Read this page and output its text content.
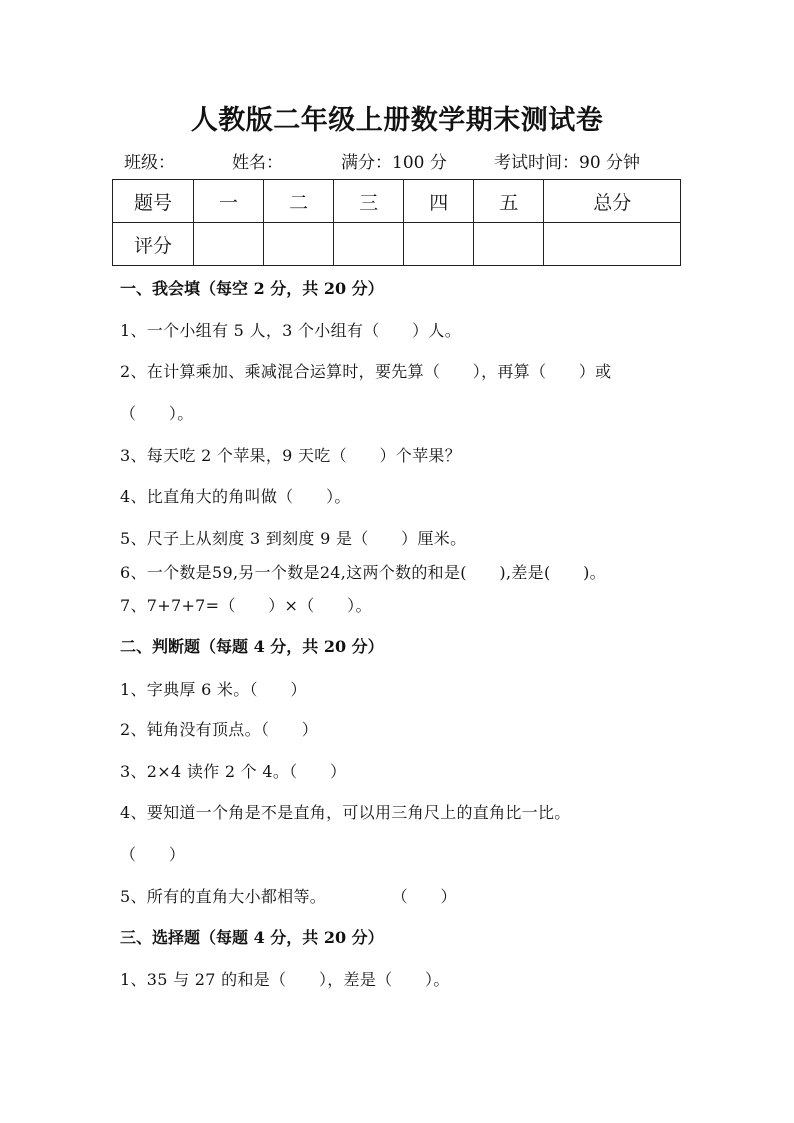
人教版二年级上册数学期末测试卷
班级：	姓名：	满分：100 分	考试时间：90 分钟
题号	一	二	三	四	五	总分
评分						
一、我会填（每空 2 分，共 20 分）
1、一个小组有 5 人，3 个小组有（　　）人。
2、在计算乘加、乘减混合运算时，要先算（　　），再算（　　）或
（　　）。
3、每天吃 2 个苹果，9 天吃（　　）个苹果？
4、比直角大的角叫做（　　）。
5、尺子上从刻度 3 到刻度 9 是（　　）厘米。
6、一个数是59,另一个数是24,这两个数的和是(　　),差是(　　)。
7、7+7+7=（　　）×（　　）。
二、判断题（每题 4 分，共 20 分）
1、字典厚 6 米。（　　）
2、钝角没有顶点。（　　）
3、2×4 读作 2 个 4。（　　）
4、要知道一个角是不是直角，可以用三角尺上的直角比一比。
（　　）
5、所有的直角大小都相等。　　　　　（　　）
三、选择题（每题 4 分，共 20 分）
1、35 与 27 的和是（　　），差是（　　）。
